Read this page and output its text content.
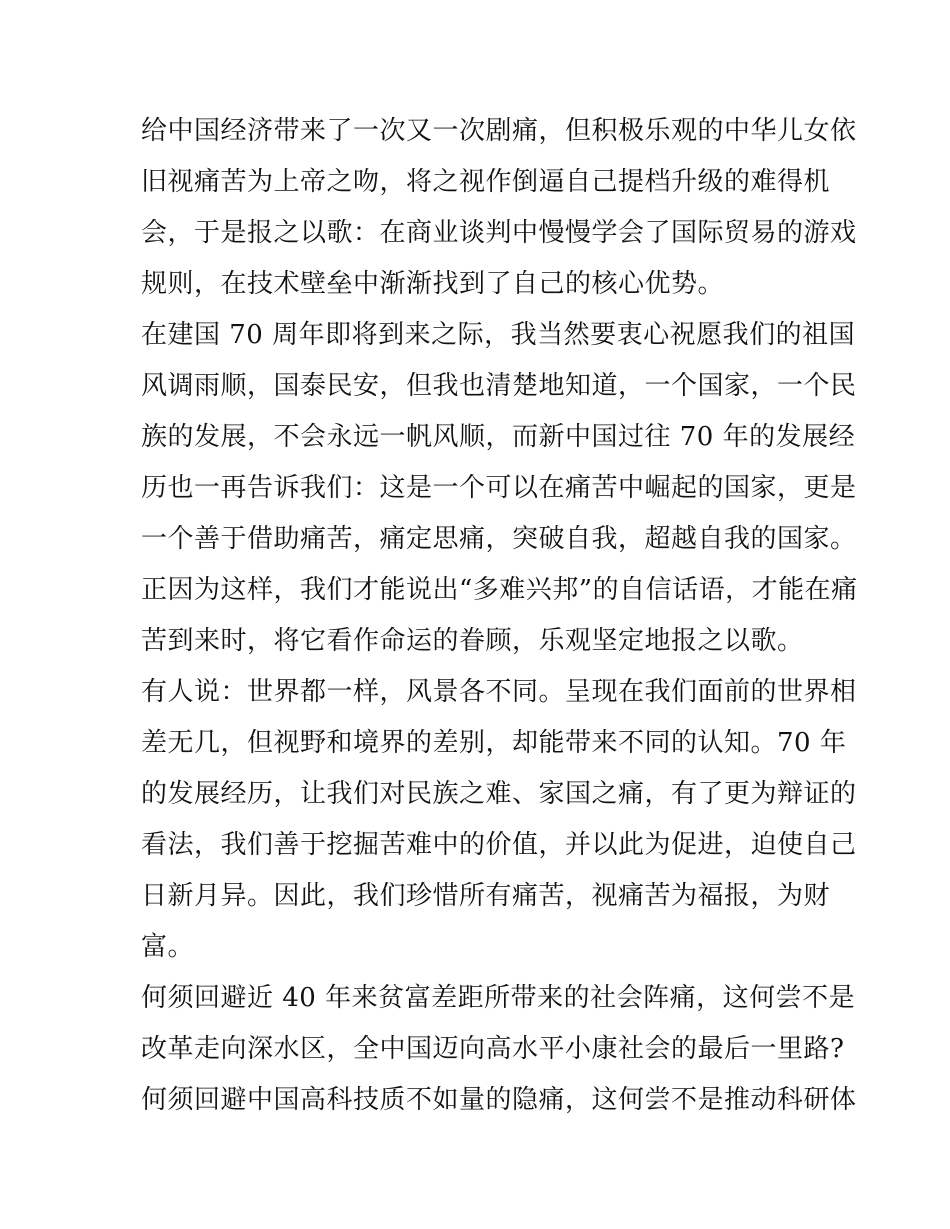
给中国经济带来了一次又一次剧痛，但积极乐观的中华儿女依
旧视痛苦为上帝之吻，将之视作倒逼自己提档升级的难得机
会，于是报之以歌：在商业谈判中慢慢学会了国际贸易的游戏
规则，在技术壁垒中渐渐找到了自己的核心优势。
在建国 70 周年即将到来之际，我当然要衷心祝愿我们的祖国
风调雨顺，国泰民安，但我也清楚地知道，一个国家，一个民
族的发展，不会永远一帆风顺，而新中国过往 70 年的发展经
历也一再告诉我们：这是一个可以在痛苦中崛起的国家，更是
一个善于借助痛苦，痛定思痛，突破自我，超越自我的国家。
正因为这样，我们才能说出“多难兴邦”的自信话语，才能在痛
苦到来时，将它看作命运的眷顾，乐观坚定地报之以歌。
有人说：世界都一样，风景各不同。呈现在我们面前的世界相
差无几，但视野和境界的差别，却能带来不同的认知。70 年
的发展经历，让我们对民族之难、家国之痛，有了更为辩证的
看法，我们善于挖掘苦难中的价值，并以此为促进，迫使自己
日新月异。因此，我们珍惜所有痛苦，视痛苦为福报，为财
富。
何须回避近 40 年来贫富差距所带来的社会阵痛，这何尝不是
改革走向深水区，全中国迈向高水平小康社会的最后一里路?
何须回避中国高科技质不如量的隐痛，这何尝不是推动科研体
